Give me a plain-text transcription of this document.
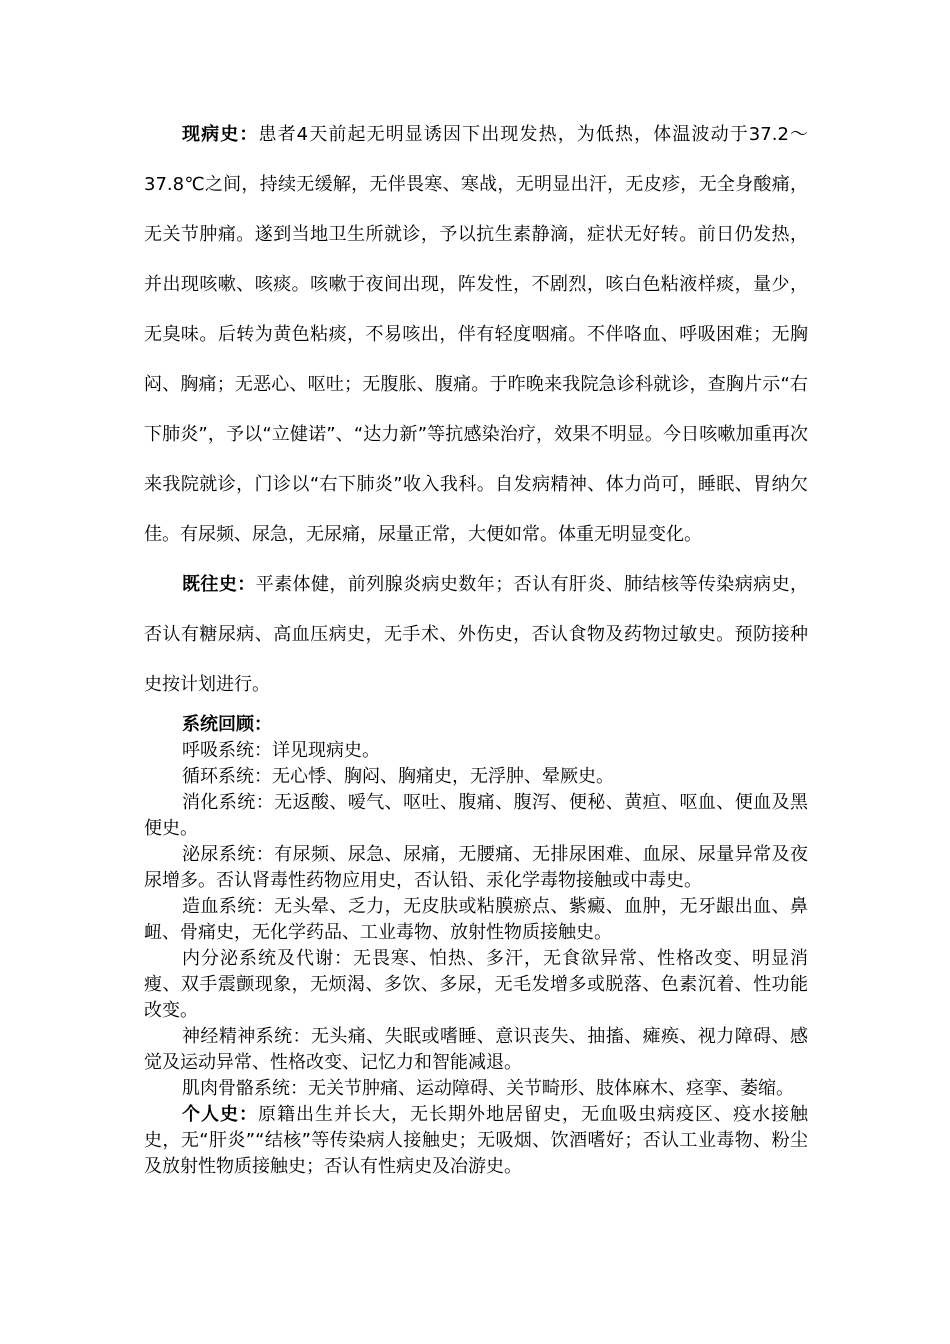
现病史：患者4天前起无明显诱因下出现发热，为低热，体温波动于37.2～37.8℃之间，持续无缓解，无伴畏寒、寒战，无明显出汗，无皮疹，无全身酸痛，无关节肿痛。遂到当地卫生所就诊，予以抗生素静滴，症状无好转。前日仍发热，并出现咳嗽、咳痰。咳嗽于夜间出现，阵发性，不剧烈，咳白色粘液样痰，量少，无臭味。后转为黄色粘痰，不易咳出，伴有轻度咽痛。不伴咯血、呼吸困难；无胸闷、胸痛；无恶心、呕吐；无腹胀、腹痛。于昨晚来我院急诊科就诊，查胸片示“右下肺炎”，予以“立健诺”、“达力新”等抗感染治疗，效果不明显。今日咳嗽加重再次来我院就诊，门诊以“右下肺炎”收入我科。自发病精神、体力尚可，睡眠、胃纳欠佳。有尿频、尿急，无尿痛，尿量正常，大便如常。体重无明显变化。

既往史：平素体健，前列腺炎病史数年；否认有肝炎、肺结核等传染病病史，否认有糖尿病、高血压病史，无手术、外伤史，否认食物及药物过敏史。预防接种史按计划进行。

系统回顾：

呼吸系统：详见现病史。

循环系统：无心悸、胸闷、胸痛史，无浮肿、晕厥史。

消化系统：无返酸、嗳气、呕吐、腹痛、腹泻、便秘、黄疸、呕血、便血及黑便史。

泌尿系统：有尿频、尿急、尿痛，无腰痛、无排尿困难、血尿、尿量异常及夜尿增多。否认肾毒性药物应用史，否认铅、汞化学毒物接触或中毒史。

造血系统：无头晕、乏力，无皮肤或粘膜瘀点、紫癜、血肿，无牙龈出血、鼻衄、骨痛史，无化学药品、工业毒物、放射性物质接触史。

内分泌系统及代谢：无畏寒、怕热、多汗，无食欲异常、性格改变、明显消瘦、双手震颤现象，无烦渴、多饮、多尿，无毛发增多或脱落、色素沉着、性功能改变。

神经精神系统：无头痛、失眠或嗜睡、意识丧失、抽搐、瘫痪、视力障碍、感觉及运动异常、性格改变、记忆力和智能减退。

肌肉骨骼系统：无关节肿痛、运动障碍、关节畸形、肢体麻木、痉挛、萎缩。

个人史：原籍出生并长大，无长期外地居留史，无血吸虫病疫区、疫水接触史，无“肝炎”“结核”等传染病人接触史；无吸烟、饮酒嗜好；否认工业毒物、粉尘及放射性物质接触史；否认有性病史及冶游史。
